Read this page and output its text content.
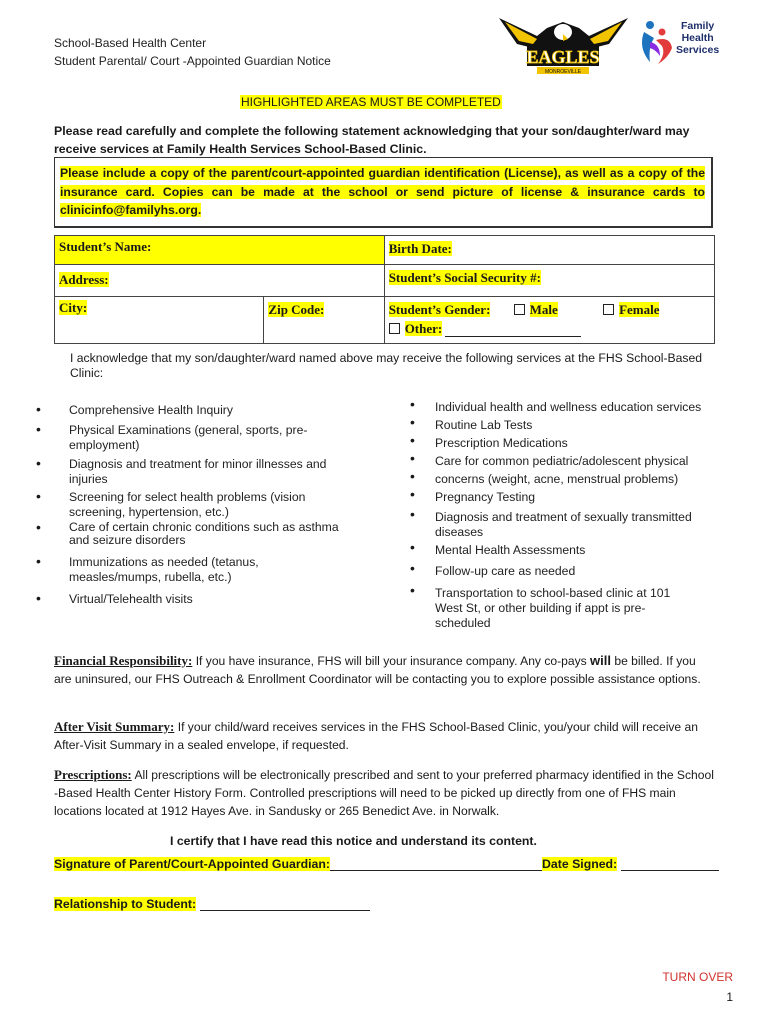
School-Based Health Center
Student Parental/ Court -Appointed Guardian Notice	EAGLES
MONROEVILLE
Family
Health
Services
HIGHLIGHTED AREAS MUST BE COMPLETED
Please read carefully and complete the following statement acknowledging that your son/daughter/ward may receive services at Family Health Services School-Based Clinic.
Please include a copy of the parent/court-appointed guardian identification (License), as well as a copy of the insurance card. Copies can be made at the school or send picture of license & insurance cards to clinicinfo@familyhs.org.
Student’s Name:		Birth Date:

Address:		Student’s Social Security #:

City:	Zip Code:	Student’s Gender: Male Female
Other:
I acknowledge that my son/daughter/ward named above may receive the following services at the FHS School-Based Clinic:
• Comprehensive Health Inquiry
• Physical Examinations (general, sports, pre-employment)
• Diagnosis and treatment for minor illnesses and injuries
• Screening for select health problems (vision screening, hypertension, etc.)
• Care of certain chronic conditions such as asthma and seizure disorders
• Immunizations as needed (tetanus, measles/mumps, rubella, etc.)
• Virtual/Telehealth visits
• Individual health and wellness education services
• Routine Lab Tests
• Prescription Medications
• Care for common pediatric/adolescent physical
• concerns (weight, acne, menstrual problems)
• Pregnancy Testing
• Diagnosis and treatment of sexually transmitted diseases
• Mental Health Assessments
• Follow-up care as needed
• Transportation to school-based clinic at 101 West St, or other building if appt is pre-scheduled
Financial Responsibility: If you have insurance, FHS will bill your insurance company. Any co-pays will be billed. If you are uninsured, our FHS Outreach & Enrollment Coordinator will be contacting you to explore possible assistance options.
After Visit Summary: If your child/ward receives services in the FHS School-Based Clinic, you/your child will receive an After-Visit Summary in a sealed envelope, if requested.
Prescriptions: All prescriptions will be electronically prescribed and sent to your preferred pharmacy identified in the School -Based Health Center History Form. Controlled prescriptions will need to be picked up directly from one of FHS main locations located at 1912 Hayes Ave. in Sandusky or 265 Benedict Ave. in Norwalk.
I certify that I have read this notice and understand its content.
Signature of Parent/Court-Appointed Guardian:	Date Signed:
Relationship to Student:
TURN OVER
1
